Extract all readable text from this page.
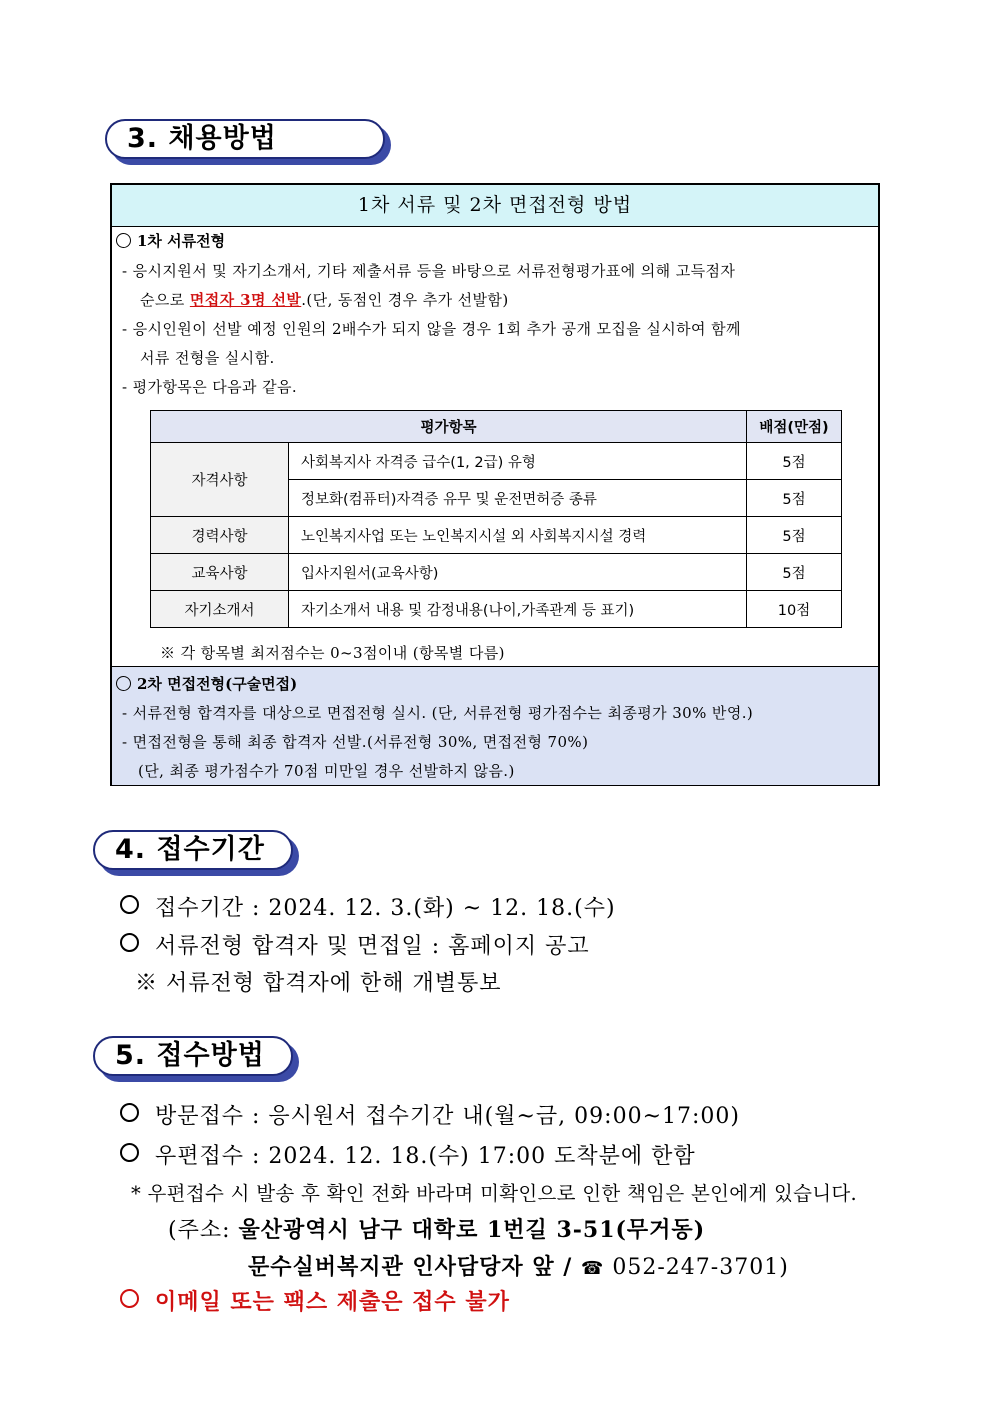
3. 채용방법
1차 서류 및 2차 면접전형 방법
1차 서류전형
- 응시지원서 및 자기소개서, 기타 제출서류 등을 바탕으로 서류전형평가표에 의해 고득점자
순으로 면접자 3명 선발.(단, 동점인 경우 추가 선발함)
- 응시인원이 선발 예정 인원의 2배수가 되지 않을 경우 1회 추가 공개 모집을 실시하여 함께
서류 전형을 실시함.
- 평가항목은 다음과 같음.
평가항목		배점(만점)
자격사항	사회복지사 자격증 급수(1, 2급) 유형	5점
	정보화(컴퓨터)자격증 유무 및 운전면허증 종류	5점
경력사항	노인복지사업 또는 노인복지시설 외 사회복지시설 경력	5점
교육사항	입사지원서(교육사항)	5점
자기소개서	자기소개서 내용 및 감정내용(나이,가족관계 등 표기)	10점
※ 각 항목별 최저점수는 0~3점이내 (항목별 다름)
2차 면접전형(구술면접)
- 서류전형 합격자를 대상으로 면접전형 실시. (단, 서류전형 평가점수는 최종평가 30% 반영.)
- 면접전형을 통해 최종 합격자 선발.(서류전형 30%, 면접전형 70%)
(단, 최종 평가점수가 70점 미만일 경우 선발하지 않음.)
4. 접수기간
접수기간 : 2024. 12. 3.(화) ~ 12. 18.(수)
서류전형 합격자 및 면접일 : 홈페이지 공고
※ 서류전형 합격자에 한해 개별통보
5. 접수방법
방문접수 : 응시원서 접수기간 내(월~금, 09:00~17:00)
우편접수 : 2024. 12. 18.(수) 17:00 도착분에 한함
* 우편접수 시 발송 후 확인 전화 바라며 미확인으로 인한 책임은 본인에게 있습니다.
(주소: 울산광역시 남구 대학로 1번길 3-51(무거동)
문수실버복지관 인사담당자 앞 / ☎ 052-247-3701)
이메일 또는 팩스 제출은 접수 불가
